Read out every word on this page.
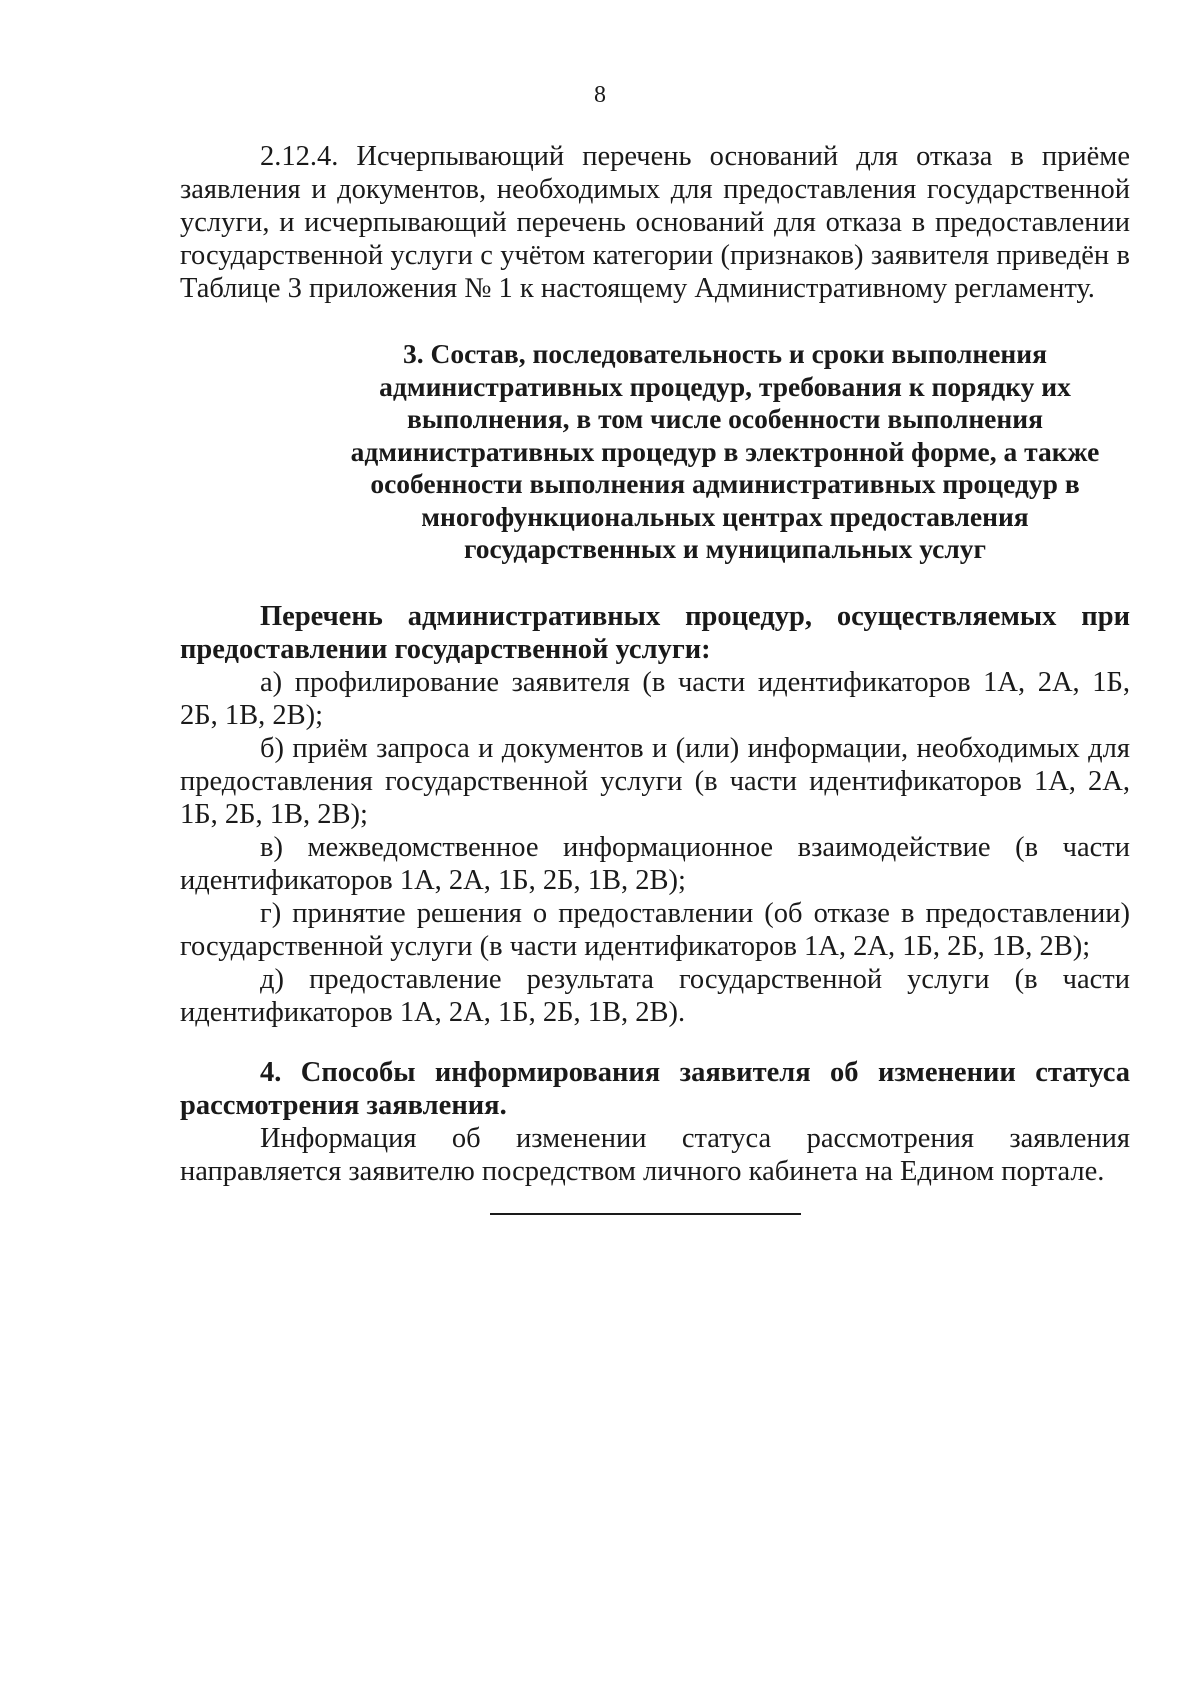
8

2.12.4. Исчерпывающий перечень оснований для отказа в приёме заявления и документов, необходимых для предоставления государственной услуги, и исчерпывающий перечень оснований для отказа в предоставлении государственной услуги с учётом категории (признаков) заявителя приведён в Таблице 3 приложения № 1 к настоящему Административному регламенту.

3. Состав, последовательность и сроки выполнения административных процедур, требования к порядку их выполнения, в том числе особенности выполнения административных процедур в электронной форме, а также особенности выполнения административных процедур в многофункциональных центрах предоставления государственных и муниципальных услуг

Перечень административных процедур, осуществляемых при предоставлении государственной услуги:

а) профилирование заявителя (в части идентификаторов 1А, 2А, 1Б, 2Б, 1В, 2В);

б) приём запроса и документов и (или) информации, необходимых для предоставления государственной услуги (в части идентификаторов 1А, 2А, 1Б, 2Б, 1В, 2В);

в) межведомственное информационное взаимодействие (в части идентификаторов 1А, 2А, 1Б, 2Б, 1В, 2В);

г) принятие решения о предоставлении (об отказе в предоставлении) государственной услуги (в части идентификаторов 1А, 2А, 1Б, 2Б, 1В, 2В);

д) предоставление результата государственной услуги (в части идентификаторов 1А, 2А, 1Б, 2Б, 1В, 2В).

4. Способы информирования заявителя об изменении статуса рассмотрения заявления.

Информация об изменении статуса рассмотрения заявления направляется заявителю посредством личного кабинета на Едином портале.
